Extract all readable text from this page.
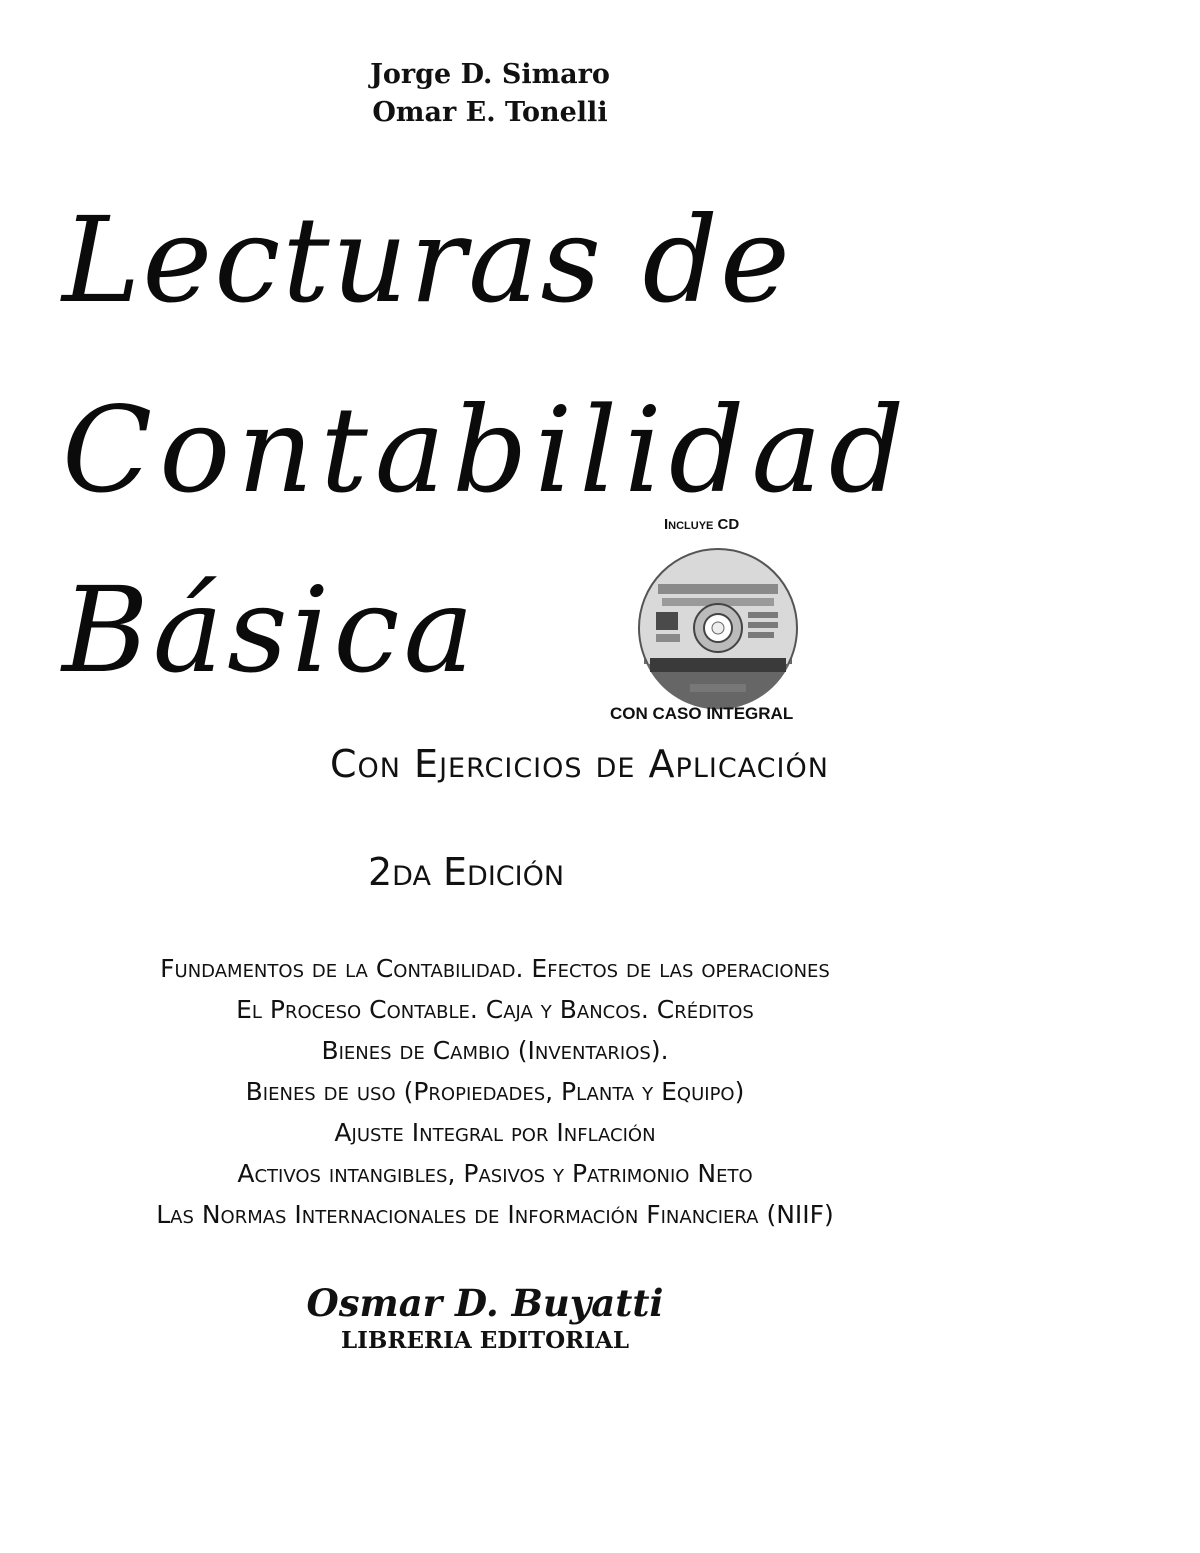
Jorge D. Simaro
Omar E. Tonelli
Lecturas de
Contabilidad
Básica
Incluye CD
CON CASO INTEGRAL
Con Ejercicios de Aplicación
2da Edición
Fundamentos de la Contabilidad. Efectos de las operaciones
El Proceso Contable. Caja y Bancos. Créditos
Bienes de Cambio (Inventarios).
Bienes de uso (Propiedades, Planta y Equipo)
Ajuste Integral por Inflación
Activos intangibles, Pasivos y Patrimonio Neto
Las Normas Internacionales de Información Financiera (NIIF)
Osmar D. Buyatti
LIBRERIA EDITORIAL
